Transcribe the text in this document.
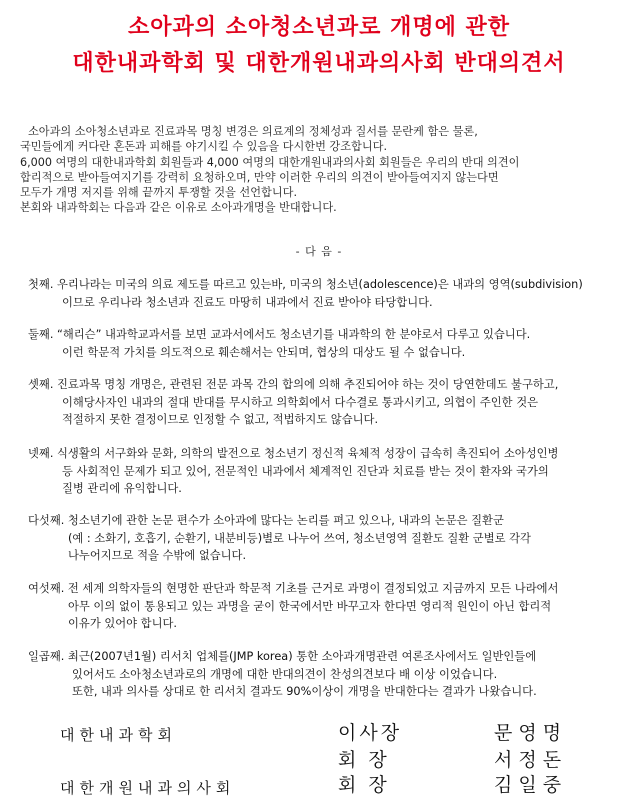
소아과의 소아청소년과로 개명에 관한
대한내과학회 및 대한개원내과의사회 반대의견서

소아과의 소아청소년과로 진료과목 명칭 변경은 의료계의 정체성과 질서를 문란케 함은 물론,

국민들에게 커다란 혼돈과 피해를 야기시킬 수 있음을 다시한번 강조합니다.

6,000 여명의 대한내과학회 회원들과 4,000 여명의 대한개원내과의사회 회원들은 우리의 반대 의견이

합리적으로 받아들여지기를 강력히 요청하오며, 만약 이러한 우리의 의견이 받아들여지지 않는다면

모두가 개명 저지를 위해 끝까지 투쟁할 것을 선언합니다.

본회와 내과학회는 다음과 같은 이유로 소아과개명을 반대합니다.

- 다 음 -

첫째. 우리나라는 미국의 의료 제도를 따르고 있는바, 미국의 청소년(adolescence)은 내과의 영역(subdivision)

이므로 우리나라 청소년과 진료도 마땅히 내과에서 진료 받아야 타당합니다.

둘째. “해리슨” 내과학교과서를 보면 교과서에서도 청소년기를 내과학의 한 분야로서 다루고 있습니다.

이런 학문적 가치를 의도적으로 훼손해서는 안되며, 협상의 대상도 될 수 없습니다.

셋째. 진료과목 명칭 개명은, 관련된 전문 과목 간의 합의에 의해 추진되어야 하는 것이 당연한데도 불구하고,

이해당사자인 내과의 절대 반대를 무시하고 의학회에서 다수결로 통과시키고, 의협이 주인한 것은

적절하지 못한 결정이므로 인정할 수 없고, 적법하지도 않습니다.

넷째. 식생활의 서구화와 문화, 의학의 발전으로 청소년기 정신적 육체적 성장이 급속히 촉진되어 소아성인병

등 사회적인 문제가 되고 있어, 전문적인 내과에서 체계적인 진단과 치료를 받는 것이 환자와 국가의

질병 관리에 유익합니다.

다섯째. 청소년기에 관한 논문 편수가 소아과에 많다는 논리를 펴고 있으나, 내과의 논문은 질환군

(예 : 소화기, 호흡기, 순환기, 내분비등)별로 나누어 쓰여, 청소년영역 질환도 질환 군별로 각각

나누어지므로 적을 수밖에 없습니다.

여섯째. 전 세계 의학자들의 현명한 판단과 학문적 기초를 근거로 과명이 결정되었고 지금까지 모든 나라에서

아무 이의 없이 통용되고 있는 과명을 굳이 한국에서만 바꾸고자 한다면 영리적 원인이 아닌 합리적

이유가 있어야 합니다.

일곱째. 최근(2007년1월) 리서치 업체를(JMP korea) 통한 소아과개명관련 여론조사에서도 일반인들에

있어서도 소아청소년과로의 개명에 대한 반대의견이 찬성의견보다 배 이상 이었습니다.

또한, 내과 의사를 상대로 한 리서치 결과도 90%이상이 개명을 반대한다는 결과가 나왔습니다.

대한내과학회	이사장	문영명
회 장	서정돈
대한개원내과의사회	회 장	김일중
